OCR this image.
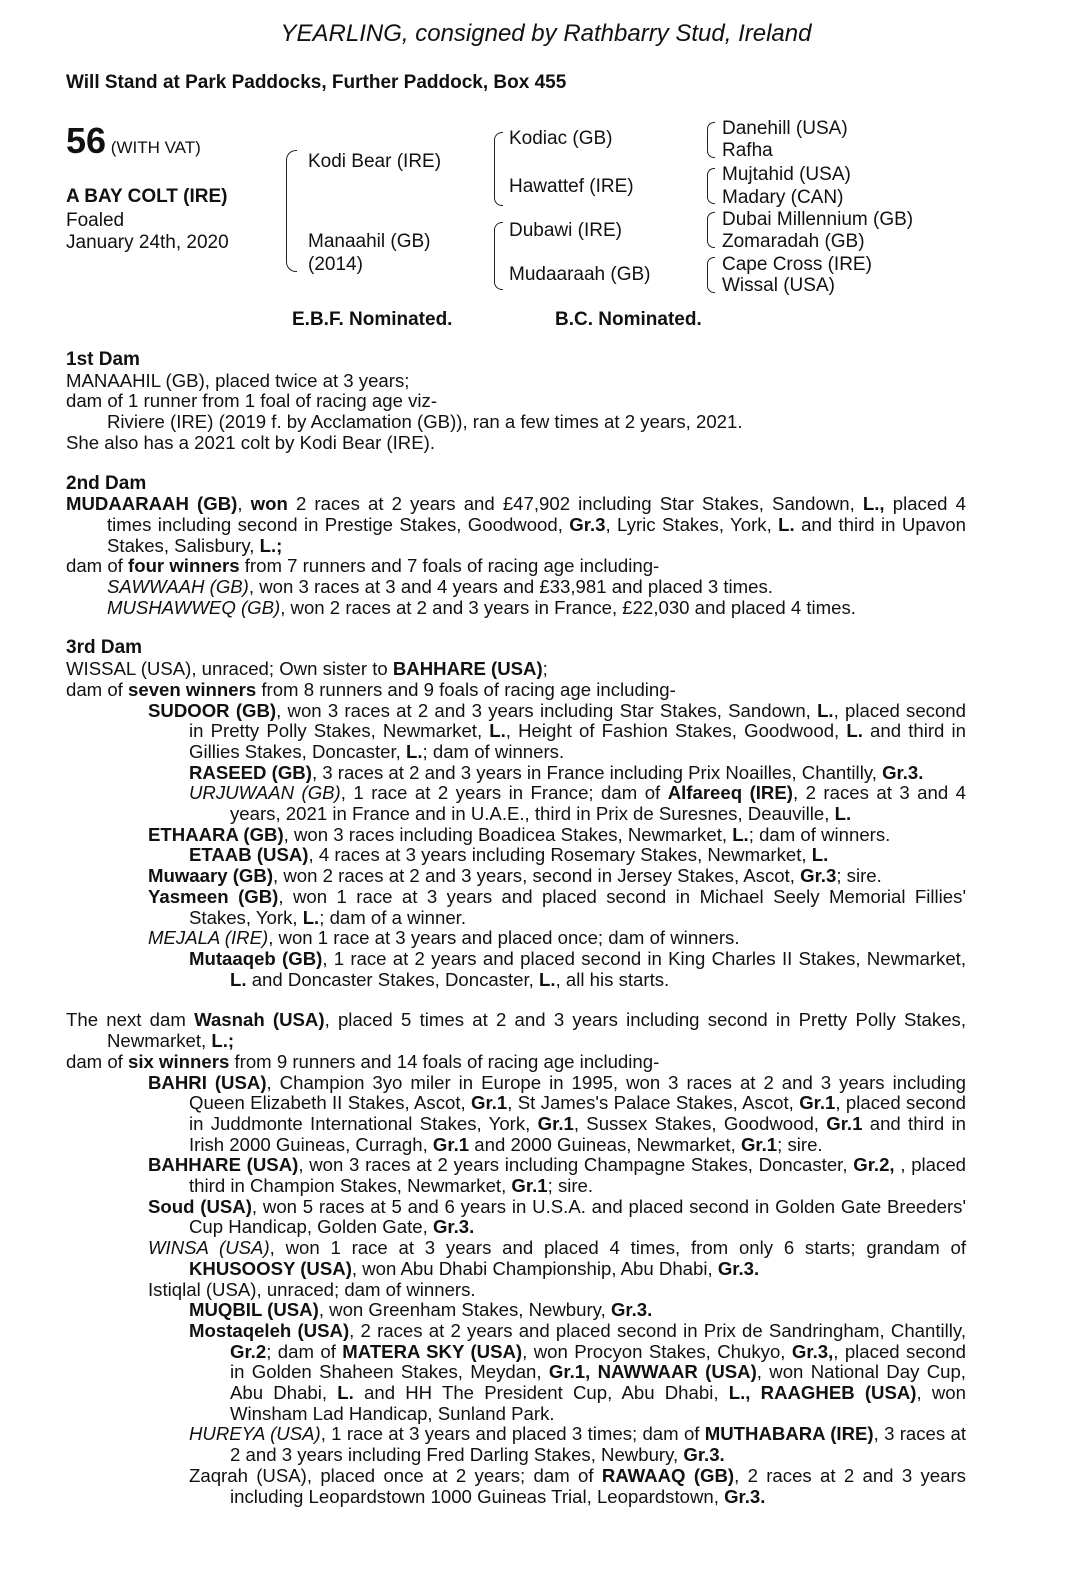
YEARLING, consigned by Rathbarry Stud, Ireland
Will Stand at Park Paddocks, Further Paddock, Box 455
56 (WITH VAT)
A BAY COLT (IRE)
Foaled
January 24th, 2020
Kodi Bear (IRE)
Manaahil (GB)
(2014)
Kodiac (GB)
Hawattef (IRE)
Dubawi (IRE)
Mudaaraah (GB)
Danehill (USA)
Rafha
Mujtahid (USA)
Madary (CAN)
Dubai Millennium (GB)
Zomaradah (GB)
Cape Cross (IRE)
Wissal (USA)
E.B.F. Nominated.	B.C. Nominated.

1st Dam

MANAAHIL (GB), placed twice at 3 years;

dam of 1 runner from 1 foal of racing age viz-

Riviere (IRE) (2019 f. by Acclamation (GB)), ran a few times at 2 years, 2021.

She also has a 2021 colt by Kodi Bear (IRE).

2nd Dam

MUDAARAAH (GB), won 2 races at 2 years and £47,902 including Star Stakes, Sandown, L., placed 4 times including second in Prestige Stakes, Goodwood, Gr.3, Lyric Stakes, York, L. and third in Upavon Stakes, Salisbury, L.;

dam of four winners from 7 runners and 7 foals of racing age including-

SAWWAAH (GB), won 3 races at 3 and 4 years and £33,981 and placed 3 times.

MUSHAWWEQ (GB), won 2 races at 2 and 3 years in France, £22,030 and placed 4 times.

3rd Dam

WISSAL (USA), unraced; Own sister to BAHHARE (USA);

dam of seven winners from 8 runners and 9 foals of racing age including-

SUDOOR (GB), won 3 races at 2 and 3 years including Star Stakes, Sandown, L., placed second in Pretty Polly Stakes, Newmarket, L., Height of Fashion Stakes, Goodwood, L. and third in Gillies Stakes, Doncaster, L.; dam of winners.

RASEED (GB), 3 races at 2 and 3 years in France including Prix Noailles, Chantilly, Gr.3.

URJUWAAN (GB), 1 race at 2 years in France; dam of Alfareeq (IRE), 2 races at 3 and 4 years, 2021 in France and in U.A.E., third in Prix de Suresnes, Deauville, L.

ETHAARA (GB), won 3 races including Boadicea Stakes, Newmarket, L.; dam of winners.

ETAAB (USA), 4 races at 3 years including Rosemary Stakes, Newmarket, L.

Muwaary (GB), won 2 races at 2 and 3 years, second in Jersey Stakes, Ascot, Gr.3; sire.

Yasmeen (GB), won 1 race at 3 years and placed second in Michael Seely Memorial Fillies' Stakes, York, L.; dam of a winner.

MEJALA (IRE), won 1 race at 3 years and placed once; dam of winners.

Mutaaqeb (GB), 1 race at 2 years and placed second in King Charles II Stakes, Newmarket, L. and Doncaster Stakes, Doncaster, L., all his starts.

The next dam Wasnah (USA), placed 5 times at 2 and 3 years including second in Pretty Polly Stakes, Newmarket, L.;

dam of six winners from 9 runners and 14 foals of racing age including-

BAHRI (USA), Champion 3yo miler in Europe in 1995, won 3 races at 2 and 3 years including Queen Elizabeth II Stakes, Ascot, Gr.1, St James's Palace Stakes, Ascot, Gr.1, placed second in Juddmonte International Stakes, York, Gr.1, Sussex Stakes, Goodwood, Gr.1 and third in Irish 2000 Guineas, Curragh, Gr.1 and 2000 Guineas, Newmarket, Gr.1; sire.

BAHHARE (USA), won 3 races at 2 years including Champagne Stakes, Doncaster, Gr.2, , placed third in Champion Stakes, Newmarket, Gr.1; sire.

Soud (USA), won 5 races at 5 and 6 years in U.S.A. and placed second in Golden Gate Breeders' Cup Handicap, Golden Gate, Gr.3.

WINSA (USA), won 1 race at 3 years and placed 4 times, from only 6 starts; grandam of KHUSOOSY (USA), won Abu Dhabi Championship, Abu Dhabi, Gr.3.

Istiqlal (USA), unraced; dam of winners.

MUQBIL (USA), won Greenham Stakes, Newbury, Gr.3.

Mostaqeleh (USA), 2 races at 2 years and placed second in Prix de Sandringham, Chantilly, Gr.2; dam of MATERA SKY (USA), won Procyon Stakes, Chukyo, Gr.3,, placed second in Golden Shaheen Stakes, Meydan, Gr.1, NAWWAAR (USA), won National Day Cup, Abu Dhabi, L. and HH The President Cup, Abu Dhabi, L., RAAGHEB (USA), won Winsham Lad Handicap, Sunland Park.

HUREYA (USA), 1 race at 3 years and placed 3 times; dam of MUTHABARA (IRE), 3 races at 2 and 3 years including Fred Darling Stakes, Newbury, Gr.3.

Zaqrah (USA), placed once at 2 years; dam of RAWAAQ (GB), 2 races at 2 and 3 years including Leopardstown 1000 Guineas Trial, Leopardstown, Gr.3.
